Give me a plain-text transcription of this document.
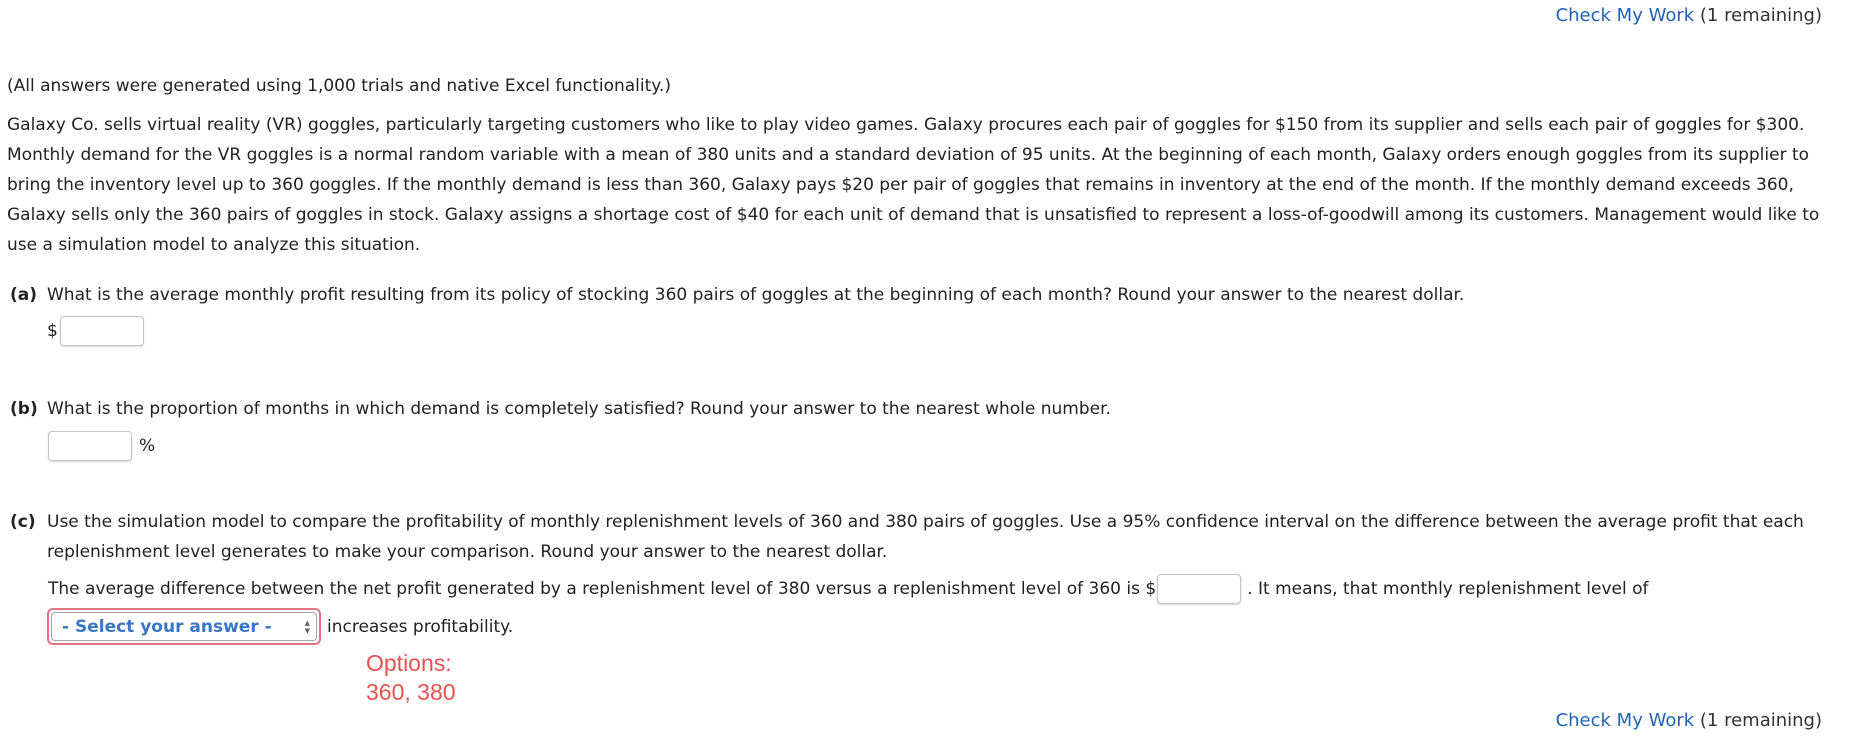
Check My Work (1 remaining)
(All answers were generated using 1,000 trials and native Excel functionality.)

Galaxy Co. sells virtual reality (VR) goggles, particularly targeting customers who like to play video games. Galaxy procures each pair of goggles for $150 from its supplier and sells each pair of goggles for $300. Monthly demand for the VR goggles is a normal random variable with a mean of 380 units and a standard deviation of 95 units. At the beginning of each month, Galaxy orders enough goggles from its supplier to bring the inventory level up to 360 goggles. If the monthly demand is less than 360, Galaxy pays $20 per pair of goggles that remains in inventory at the end of the month. If the monthly demand exceeds 360, Galaxy sells only the 360 pairs of goggles in stock. Galaxy assigns a shortage cost of $40 for each unit of demand that is unsatisfied to represent a loss-of-goodwill among its customers. Management would like to use a simulation model to analyze this situation.

(a) What is the average monthly profit resulting from its policy of stocking 360 pairs of goggles at the beginning of each month? Round your answer to the nearest dollar.
$
(b) What is the proportion of months in which demand is completely satisfied? Round your answer to the nearest whole number.
%
(c) Use the simulation model to compare the profitability of monthly replenishment levels of 360 and 380 pairs of goggles. Use a 95% confidence interval on the difference between the average profit that each replenishment level generates to make your comparison. Round your answer to the nearest dollar.
The average difference between the net profit generated by a replenishment level of 380 versus a replenishment level of 360 is $	. It means, that monthly replenishment level of
- Select your answer -	▲
▼ increases profitability.
Options:
360, 380
Check My Work (1 remaining)
